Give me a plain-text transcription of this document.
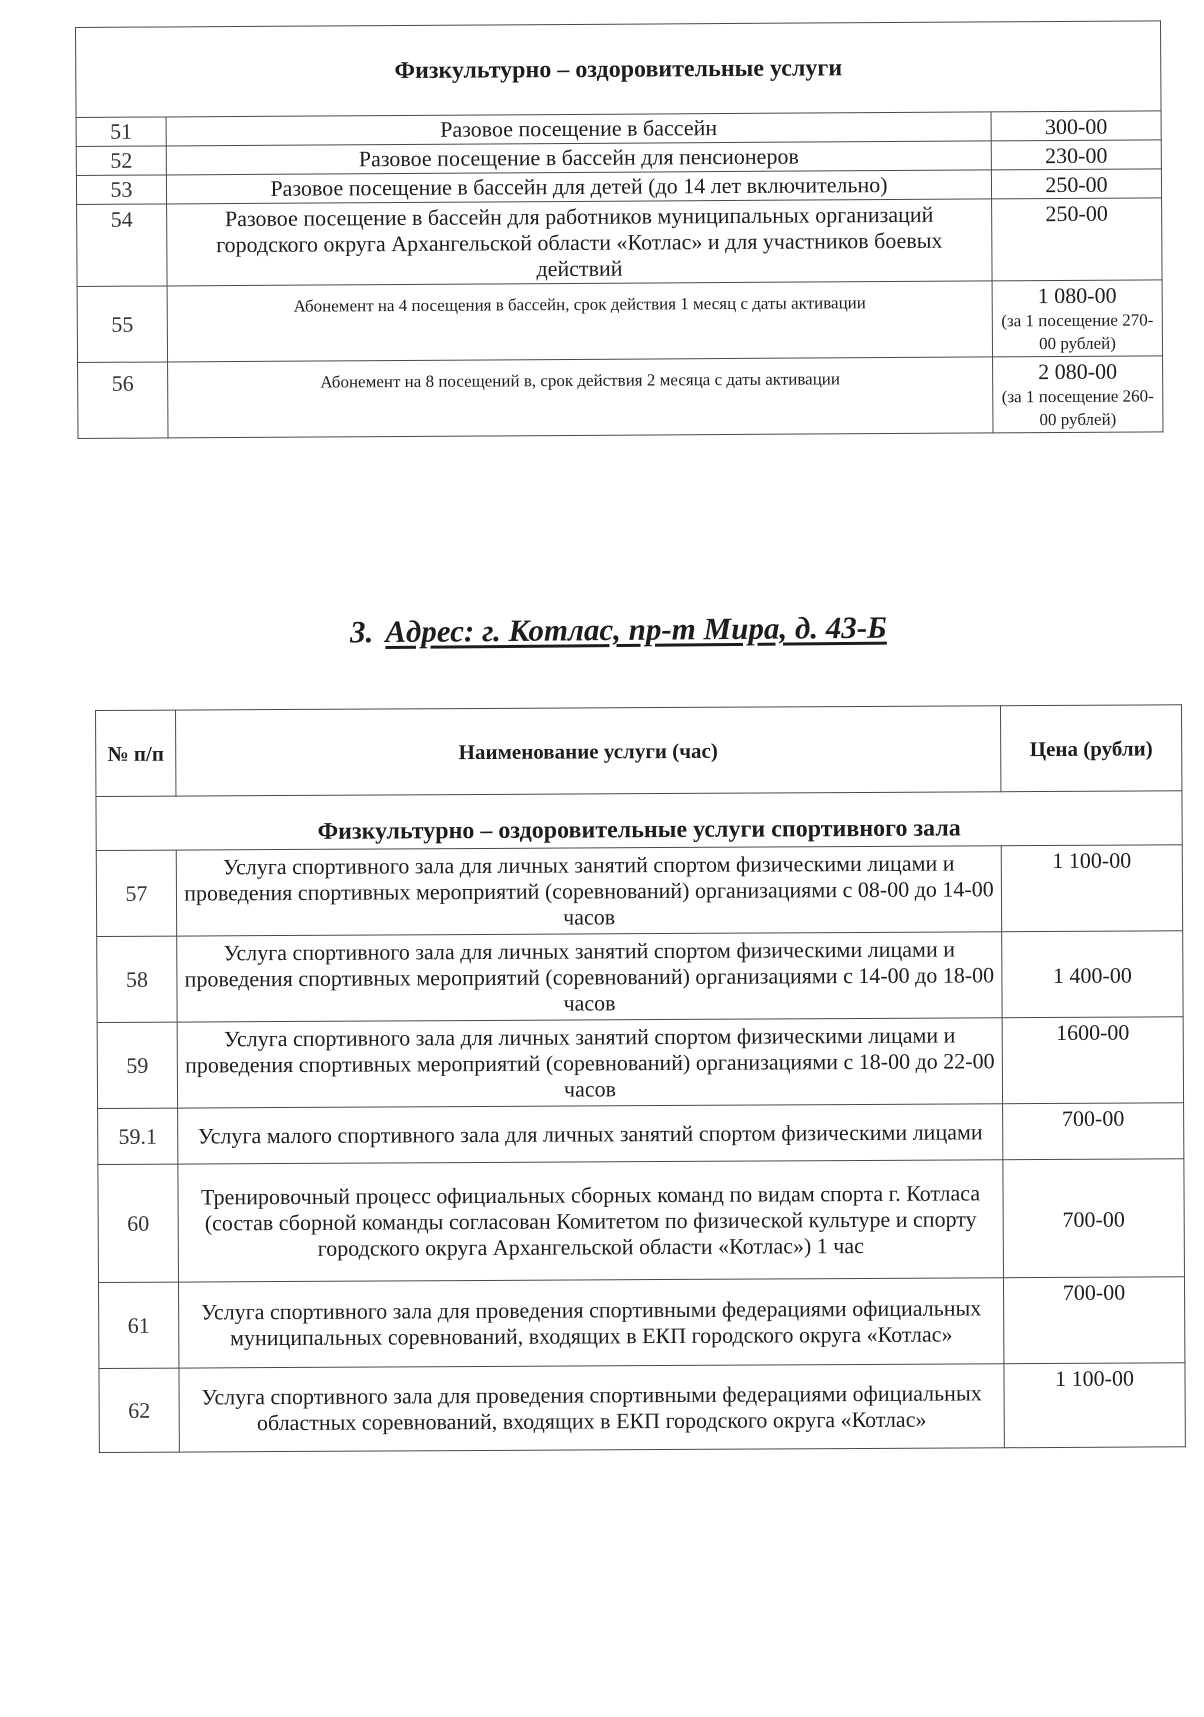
Физкультурно – оздоровительные услуги		
51	Разовое посещение в бассейн	300-00
52	Разовое посещение в бассейн для пенсионеров	230-00
53	Разовое посещение в бассейн для детей (до 14 лет включительно)	250-00
54	Разовое посещение в бассейн для работников муниципальных организаций городского округа Архангельской области «Котлас» и для участников боевых действий	250-00
55	Абонемент на 4 посещения в бассейн, срок действия 1 месяц с даты активации	1 080-00
(за 1 посещение 270-00 рублей)

56	Абонемент на 8 посещений в, срок действия 2 месяца с даты активации	2 080-00
(за 1 посещение 260-00 рублей)
3. Адрес: г. Котлас, пр-т Мира, д. 43-Б
№ п/п	Наименование услуги (час)	Цена (рубли)
Физкультурно – оздоровительные услуги спортивного зала		
57	Услуга спортивного зала для личных занятий спортом физическими лицами и проведения спортивных мероприятий (соревнований) организациями с 08-00 до 14-00 часов	1 100-00
58	Услуга спортивного зала для личных занятий спортом физическими лицами и проведения спортивных мероприятий (соревнований) организациями с 14-00 до 18-00 часов	1 400-00
59	Услуга спортивного зала для личных занятий спортом физическими лицами и проведения спортивных мероприятий (соревнований) организациями с 18-00 до 22-00 часов	1600-00
59.1	Услуга малого спортивного зала для личных занятий спортом физическими лицами	700-00
60	Тренировочный процесс официальных сборных команд по видам спорта г. Котласа (состав сборной команды согласован Комитетом по физической культуре и спорту городского округа Архангельской области «Котлас») 1 час	700-00
61	Услуга спортивного зала для проведения спортивными федерациями официальных муниципальных соревнований, входящих в ЕКП городского округа «Котлас»	700-00
62	Услуга спортивного зала для проведения спортивными федерациями официальных областных соревнований, входящих в ЕКП городского округа «Котлас»	1 100-00
